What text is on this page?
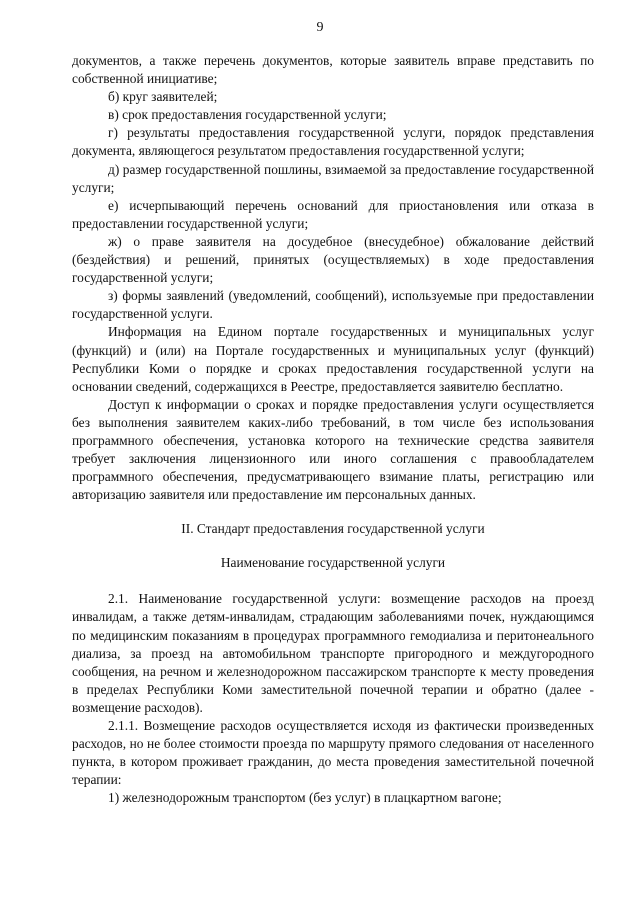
9

документов, а также перечень документов, которые заявитель вправе представить по собственной инициативе;

б) круг заявителей;

в) срок предоставления государственной услуги;

г) результаты предоставления государственной услуги, порядок представления документа, являющегося результатом предоставления государственной услуги;

д) размер государственной пошлины, взимаемой за предоставление государственной услуги;

е) исчерпывающий перечень оснований для приостановления или отказа в предоставлении государственной услуги;

ж) о праве заявителя на досудебное (внесудебное) обжалование действий (бездействия) и решений, принятых (осуществляемых) в ходе предоставления государственной услуги;

з) формы заявлений (уведомлений, сообщений), используемые при предоставлении государственной услуги.

Информация на Едином портале государственных и муниципальных услуг (функций) и (или) на Портале государственных и муниципальных услуг (функций) Республики Коми о порядке и сроках предоставления государственной услуги на основании сведений, содержащихся в Реестре, предоставляется заявителю бесплатно.

Доступ к информации о сроках и порядке предоставления услуги осуществляется без выполнения заявителем каких-либо требований, в том числе без использования программного обеспечения, установка которого на технические средства заявителя требует заключения лицензионного или иного соглашения с правообладателем программного обеспечения, предусматривающего взимание платы, регистрацию или авторизацию заявителя или предоставление им персональных данных.

II. Стандарт предоставления государственной услуги
Наименование государственной услуги

2.1. Наименование государственной услуги: возмещение расходов на проезд инвалидам, а также детям-инвалидам, страдающим заболеваниями почек, нуждающимся по медицинским показаниям в процедурах программного гемодиализа и перитонеального диализа, за проезд на автомобильном транспорте пригородного и междугородного сообщения, на речном и железнодорожном пассажирском транспорте к месту проведения в пределах Республики Коми заместительной почечной терапии и обратно (далее - возмещение расходов).

2.1.1. Возмещение расходов осуществляется исходя из фактически произведенных расходов, но не более стоимости проезда по маршруту прямого следования от населенного пункта, в котором проживает гражданин, до места проведения заместительной почечной терапии:

1) железнодорожным транспортом (без услуг) в плацкартном вагоне;
